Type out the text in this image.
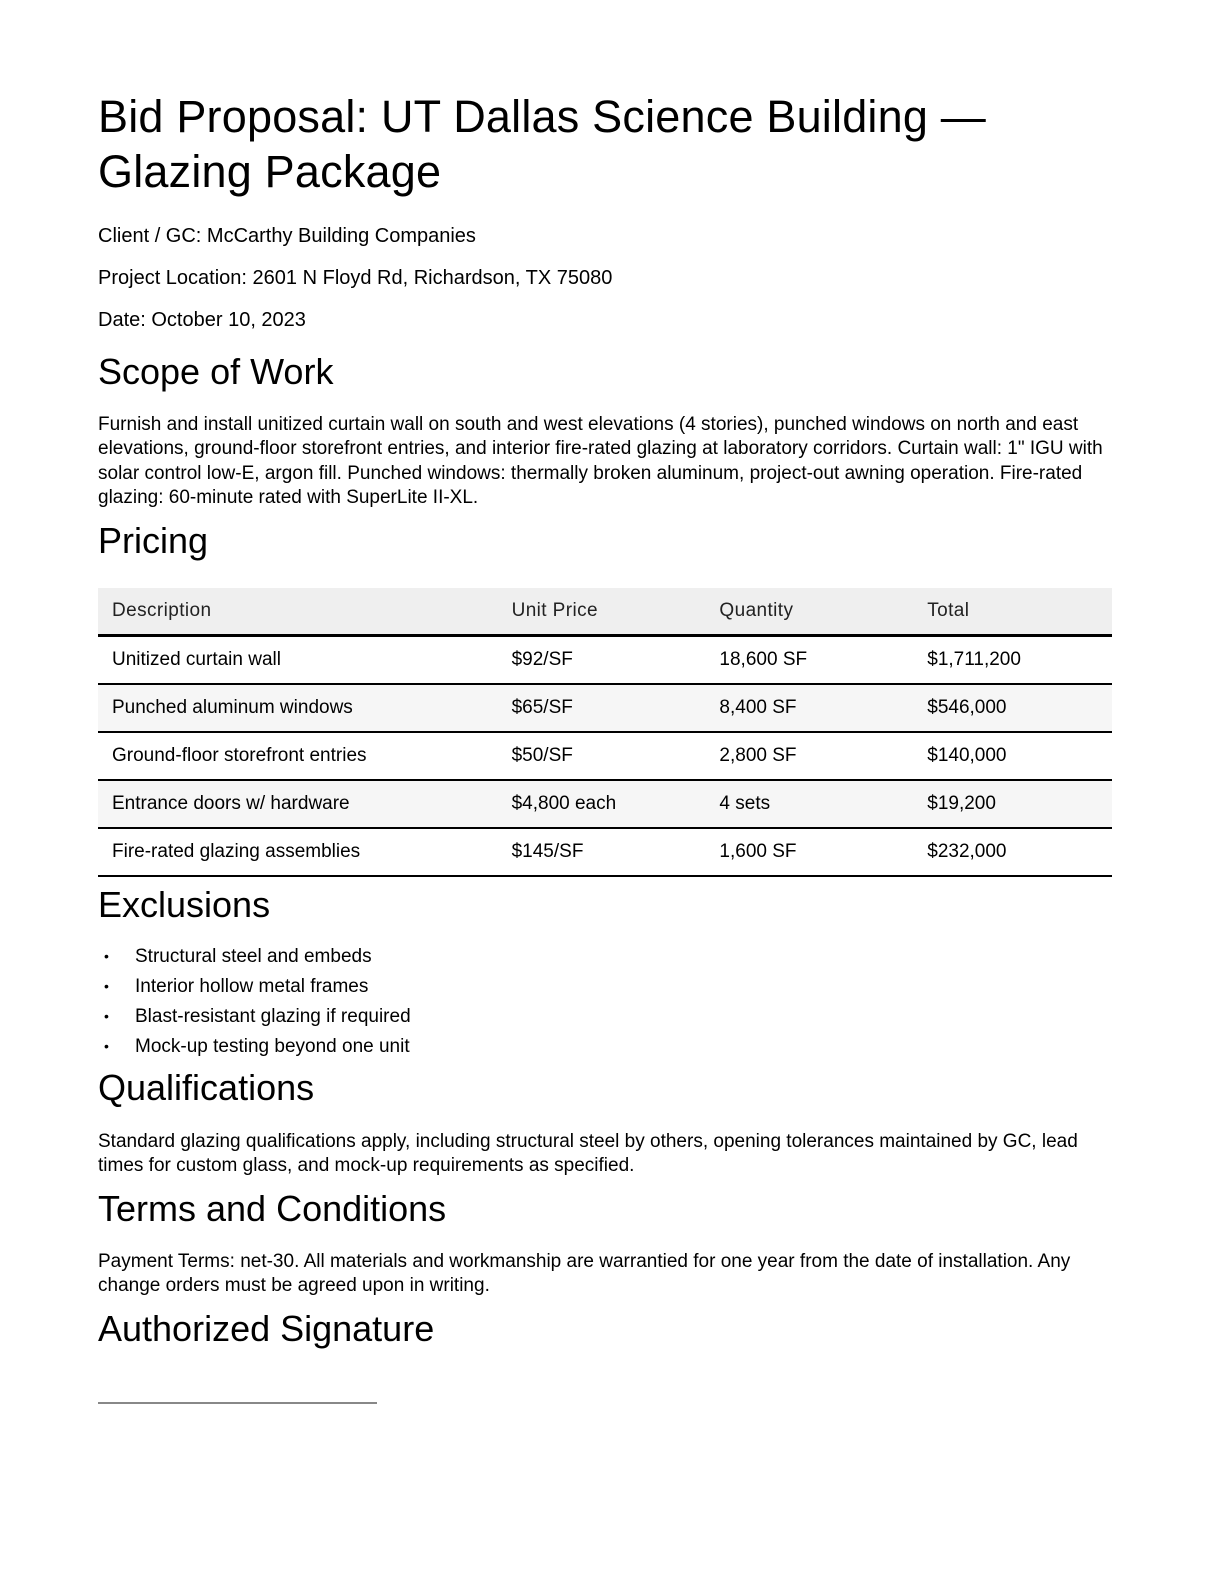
Bid Proposal: UT Dallas Science Building — Glazing Package

Client / GC: McCarthy Building Companies

Project Location: 2601 N Floyd Rd, Richardson, TX 75080

Date: October 10, 2023

Scope of Work

Furnish and install unitized curtain wall on south and west elevations (4 stories), punched windows on north and east elevations, ground-floor storefront entries, and interior fire-rated glazing at laboratory corridors. Curtain wall: 1" IGU with solar control low-E, argon fill. Punched windows: thermally broken aluminum, project-out awning operation. Fire-rated glazing: 60-minute rated with SuperLite II-XL.

Pricing
Description	Unit Price	Quantity	Total
Unitized curtain wall	$92/SF	18,600 SF	$1,711,200
Punched aluminum windows	$65/SF	8,400 SF	$546,000
Ground-floor storefront entries	$50/SF	2,800 SF	$140,000
Entrance doors w/ hardware	$4,800 each	4 sets	$19,200
Fire-rated glazing assemblies	$145/SF	1,600 SF	$232,000
Exclusions
• Structural steel and embeds
• Interior hollow metal frames
• Blast-resistant glazing if required
• Mock-up testing beyond one unit
Qualifications

Standard glazing qualifications apply, including structural steel by others, opening tolerances maintained by GC, lead times for custom glass, and mock-up requirements as specified.

Terms and Conditions

Payment Terms: net-30. All materials and workmanship are warrantied for one year from the date of installation. Any change orders must be agreed upon in writing.

Authorized Signature
